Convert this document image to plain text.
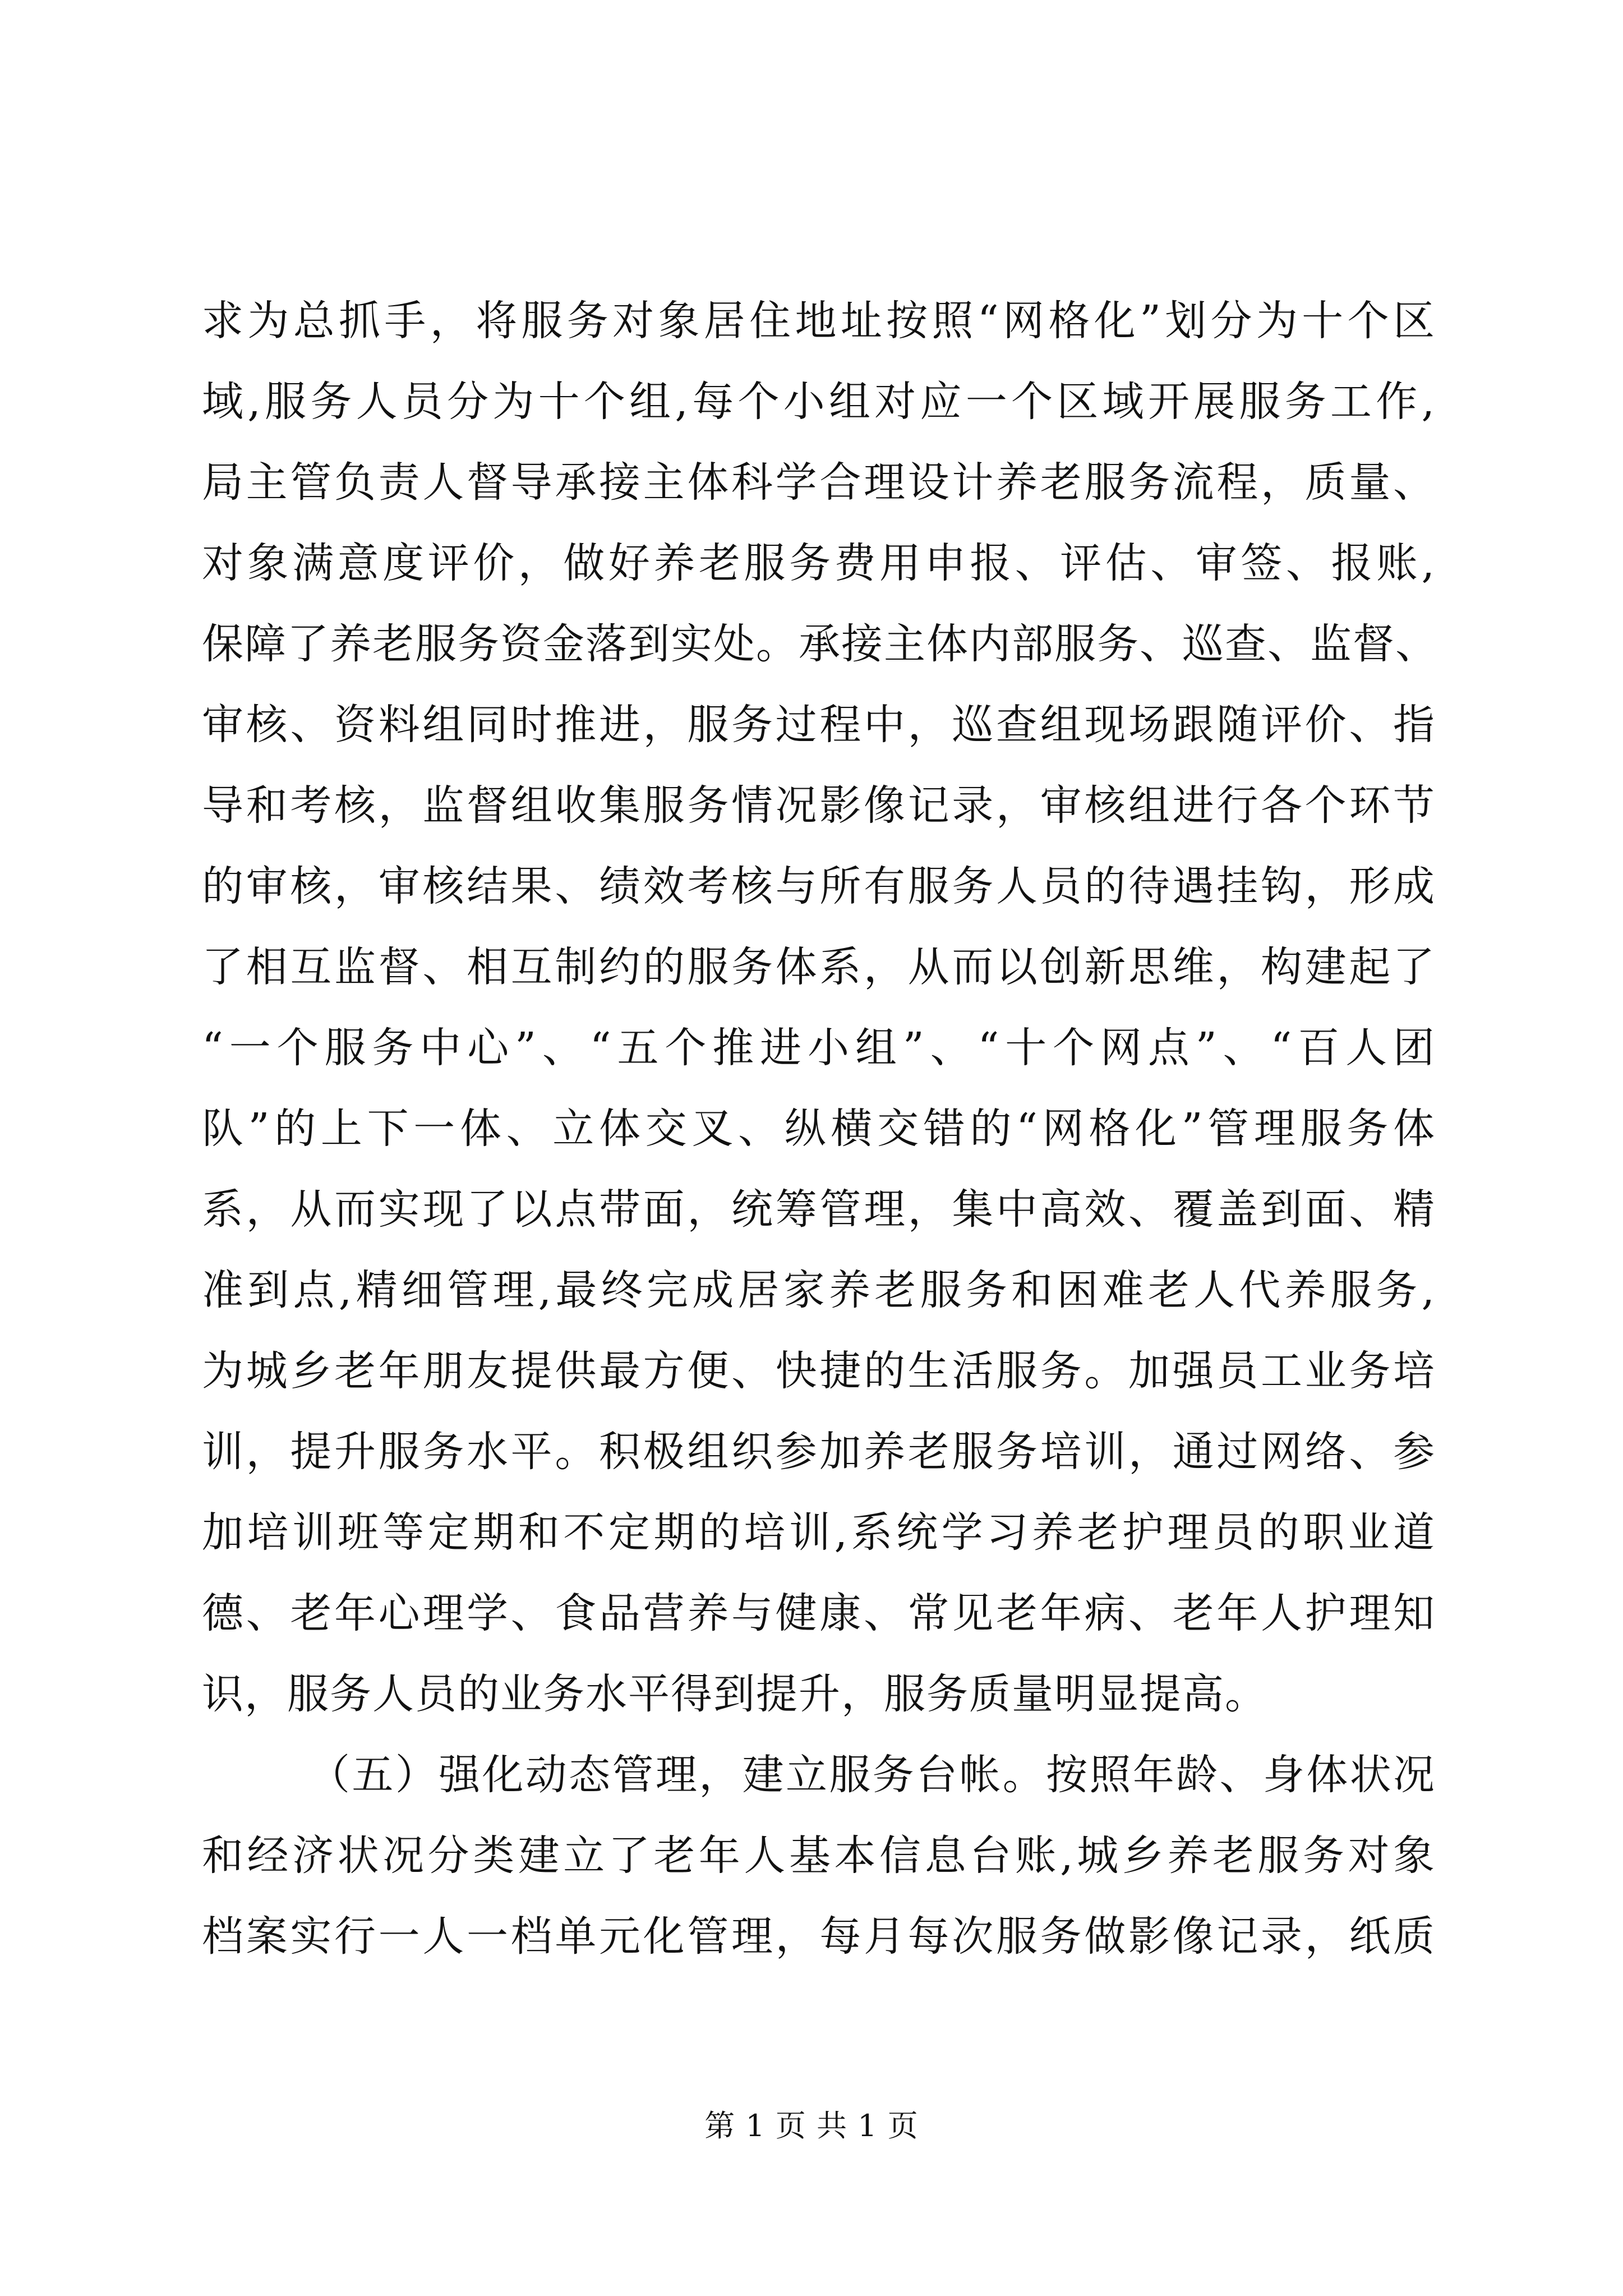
求为总抓手，将服务对象居住地址按照“网格化”划分为十个区
域,服务人员分为十个组,每个小组对应一个区域开展服务工作,
局主管负责人督导承接主体科学合理设计养老服务流程，质量、
对象满意度评价，做好养老服务费用申报、评估、审签、报账,
保障了养老服务资金落到实处。承接主体内部服务、巡查、监督、
审核、资料组同时推进，服务过程中，巡查组现场跟随评价、指
导和考核，监督组收集服务情况影像记录，审核组进行各个环节
的审核，审核结果、绩效考核与所有服务人员的待遇挂钩，形成
了相互监督、相互制约的服务体系，从而以创新思维，构建起了
“一个服务中心”、“五个推进小组”、“十个网点”、“百人团
队”的上下一体、立体交叉、纵横交错的“网格化”管理服务体
系，从而实现了以点带面，统筹管理，集中高效、覆盖到面、精
准到点,精细管理,最终完成居家养老服务和困难老人代养服务,
为城乡老年朋友提供最方便、快捷的生活服务。加强员工业务培
训，提升服务水平。积极组织参加养老服务培训，通过网络、参
加培训班等定期和不定期的培训,系统学习养老护理员的职业道
德、老年心理学、食品营养与健康、常见老年病、老年人护理知
识，服务人员的业务水平得到提升，服务质量明显提高。
（五）强化动态管理，建立服务台帐。按照年龄、身体状况
和经济状况分类建立了老年人基本信息台账,城乡养老服务对象
档案实行一人一档单元化管理，每月每次服务做影像记录，纸质
第 1 页 共 1 页
